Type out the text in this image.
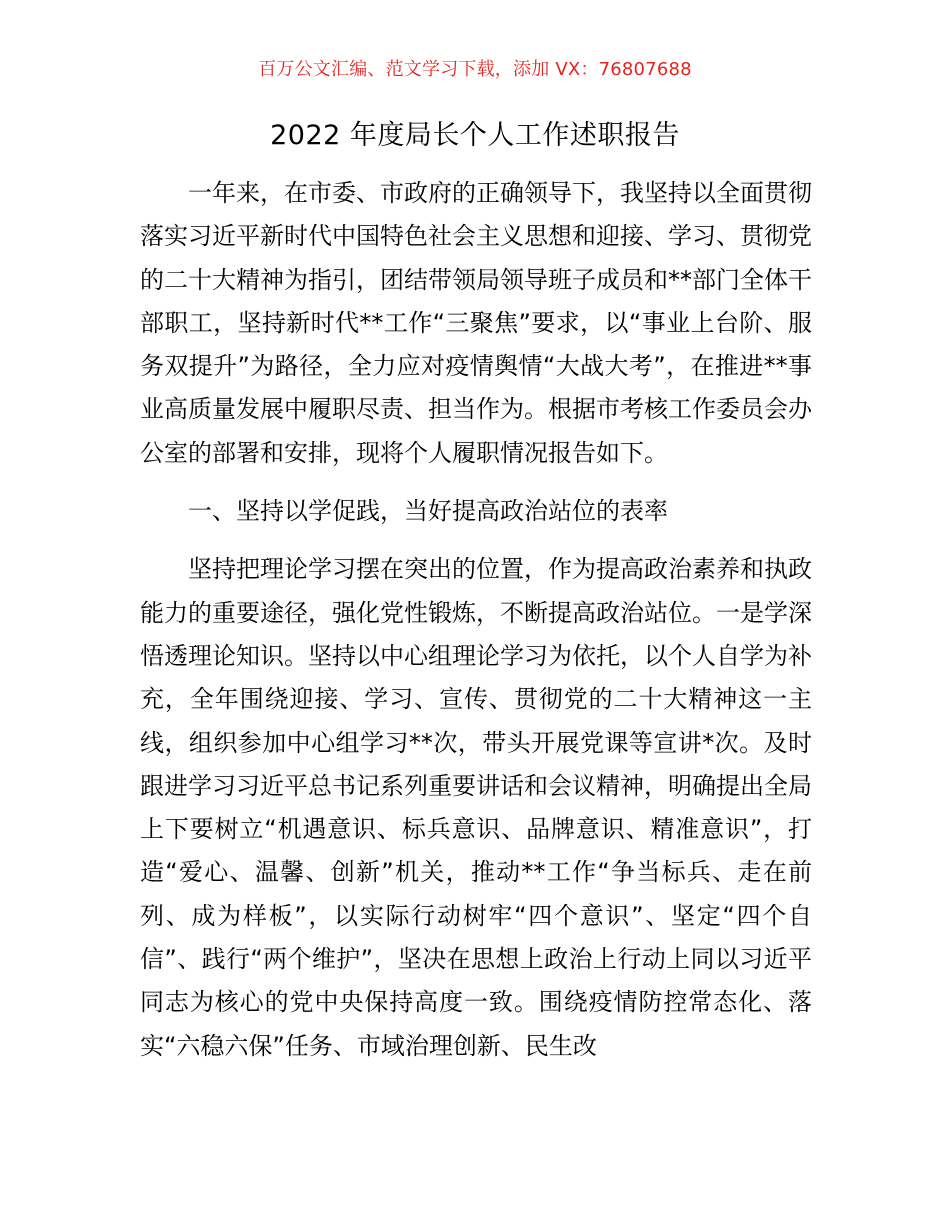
百万公文汇编、范文学习下载，添加 VX：76807688
2022 年度局长个人工作述职报告

一年来，在市委、市政府的正确领导下，我坚持以全面贯彻落实习近平新时代中国特色社会主义思想和迎接、学习、贯彻党的二十大精神为指引，团结带领局领导班子成员和**部门全体干部职工，坚持新时代**工作“三聚焦”要求，以“事业上台阶、服务双提升”为路径，全力应对疫情舆情“大战大考”，在推进**事业高质量发展中履职尽责、担当作为。根据市考核工作委员会办公室的部署和安排，现将个人履职情况报告如下。

一、坚持以学促践，当好提高政治站位的表率

坚持把理论学习摆在突出的位置，作为提高政治素养和执政能力的重要途径，强化党性锻炼，不断提高政治站位。一是学深悟透理论知识。坚持以中心组理论学习为依托，以个人自学为补充，全年围绕迎接、学习、宣传、贯彻党的二十大精神这一主线，组织参加中心组学习**次，带头开展党课等宣讲*次。及时跟进学习习近平总书记系列重要讲话和会议精神，明确提出全局上下要树立“机遇意识、标兵意识、品牌意识、精准意识”，打造“爱心、温馨、创新”机关，推动**工作“争当标兵、走在前列、成为样板”，以实际行动树牢“四个意识”、坚定“四个自信”、践行“两个维护”，坚决在思想上政治上行动上同以习近平同志为核心的党中央保持高度一致。围绕疫情防控常态化、落实“六稳六保”任务、市域治理创新、民生改
